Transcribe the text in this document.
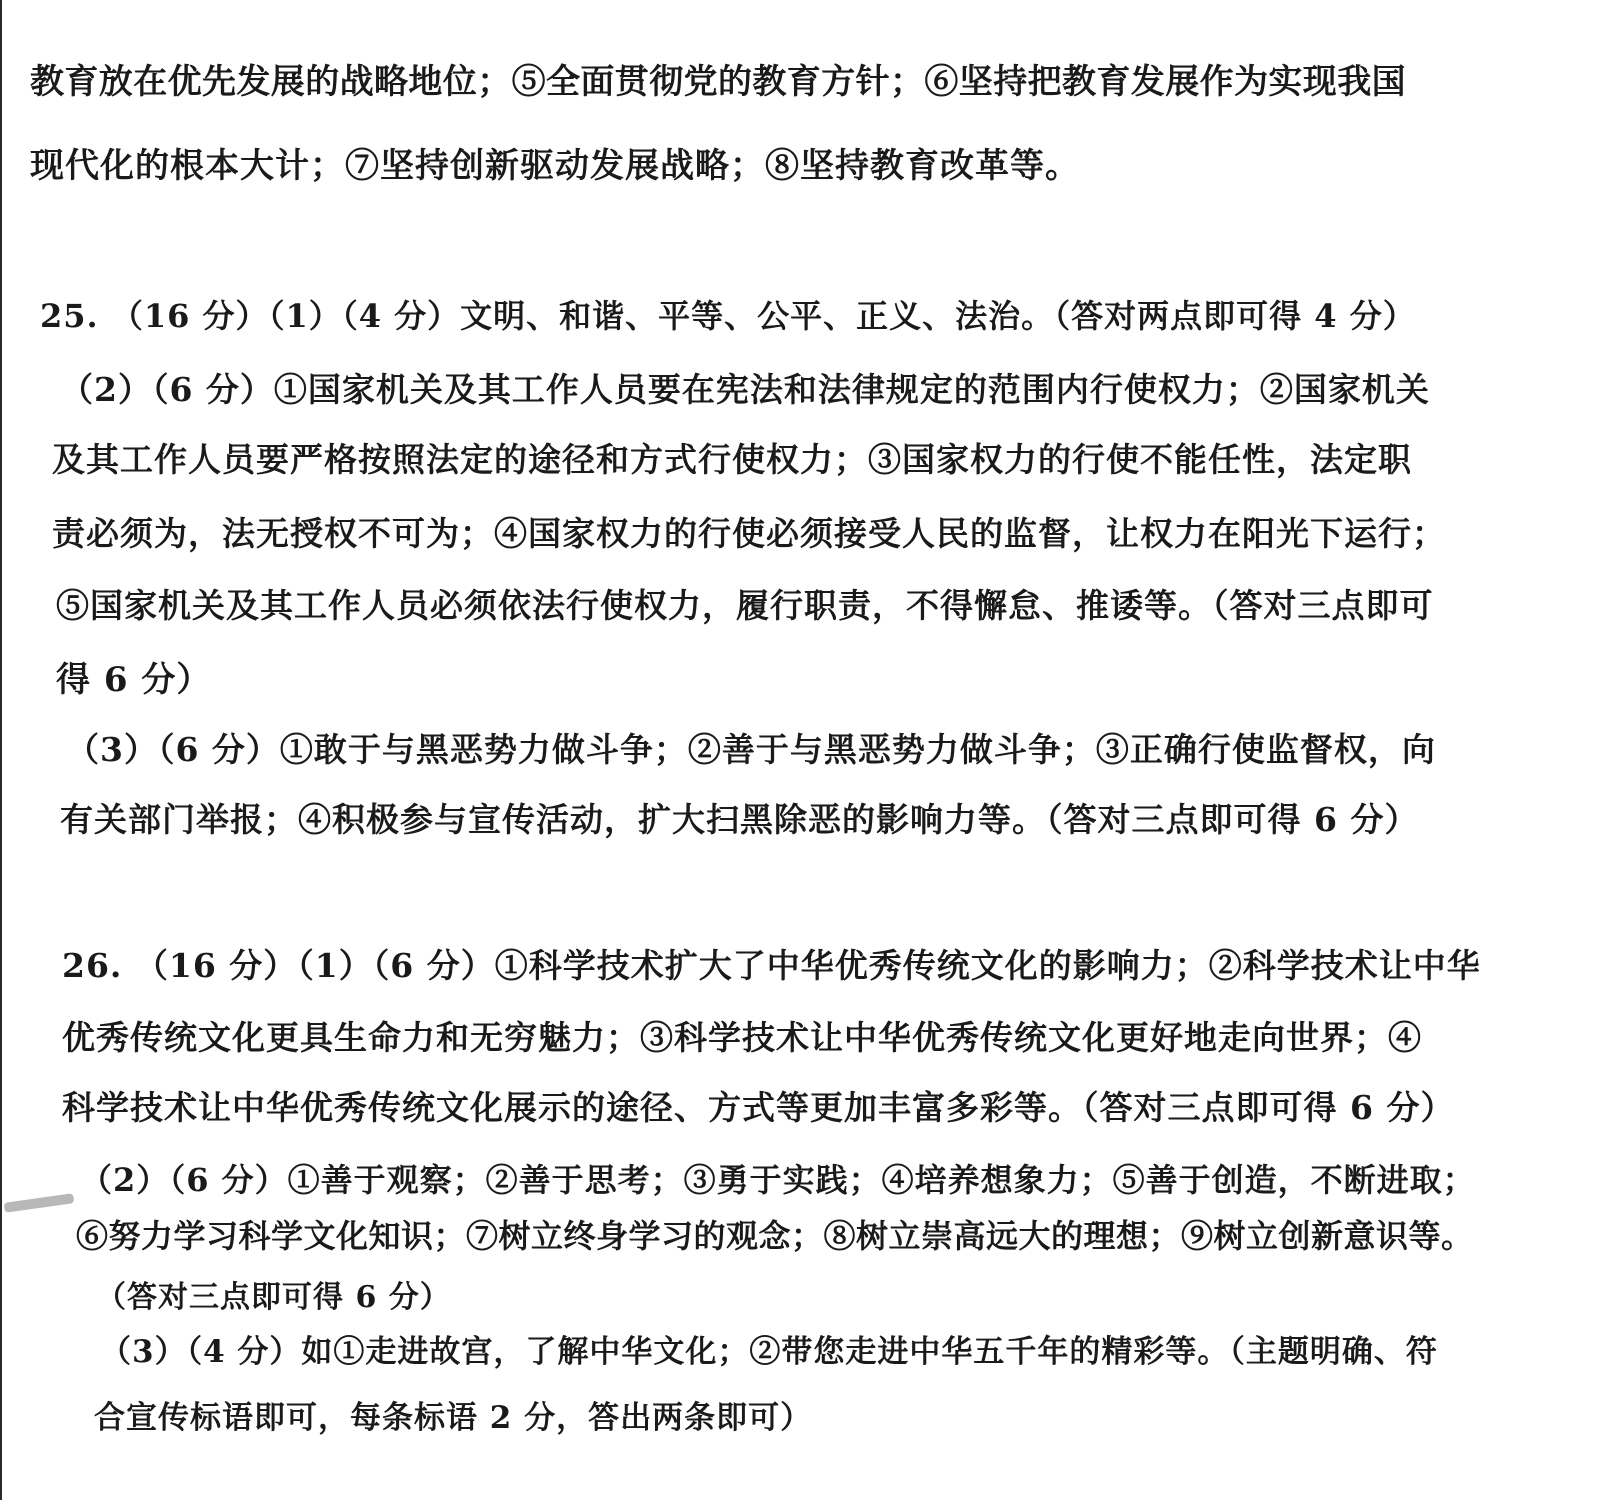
教育放在优先发展的战略地位；⑤全面贯彻党的教育方针；⑥坚持把教育发展作为实现我国
现代化的根本大计；⑦坚持创新驱动发展战略；⑧坚持教育改革等。
25. （16 分）（1）（4 分）文明、和谐、平等、公平、正义、法治。（答对两点即可得 4 分）
（2）（6 分）①国家机关及其工作人员要在宪法和法律规定的范围内行使权力；②国家机关
及其工作人员要严格按照法定的途径和方式行使权力；③国家权力的行使不能任性，法定职
责必须为，法无授权不可为；④国家权力的行使必须接受人民的监督，让权力在阳光下运行；
⑤国家机关及其工作人员必须依法行使权力，履行职责，不得懈怠、推诿等。（答对三点即可
得 6 分）
（3）（6 分）①敢于与黑恶势力做斗争；②善于与黑恶势力做斗争；③正确行使监督权，向
有关部门举报；④积极参与宣传活动，扩大扫黑除恶的影响力等。（答对三点即可得 6 分）
26. （16 分）（1）（6 分）①科学技术扩大了中华优秀传统文化的影响力；②科学技术让中华
优秀传统文化更具生命力和无穷魅力；③科学技术让中华优秀传统文化更好地走向世界；④
科学技术让中华优秀传统文化展示的途径、方式等更加丰富多彩等。（答对三点即可得 6 分）
（2）（6 分）①善于观察；②善于思考；③勇于实践；④培养想象力；⑤善于创造，不断进取；
⑥努力学习科学文化知识；⑦树立终身学习的观念；⑧树立崇高远大的理想；⑨树立创新意识等。
（答对三点即可得 6 分）
（3）（4 分）如①走进故宫，了解中华文化；②带您走进中华五千年的精彩等。（主题明确、符
合宣传标语即可，每条标语 2 分，答出两条即可）
